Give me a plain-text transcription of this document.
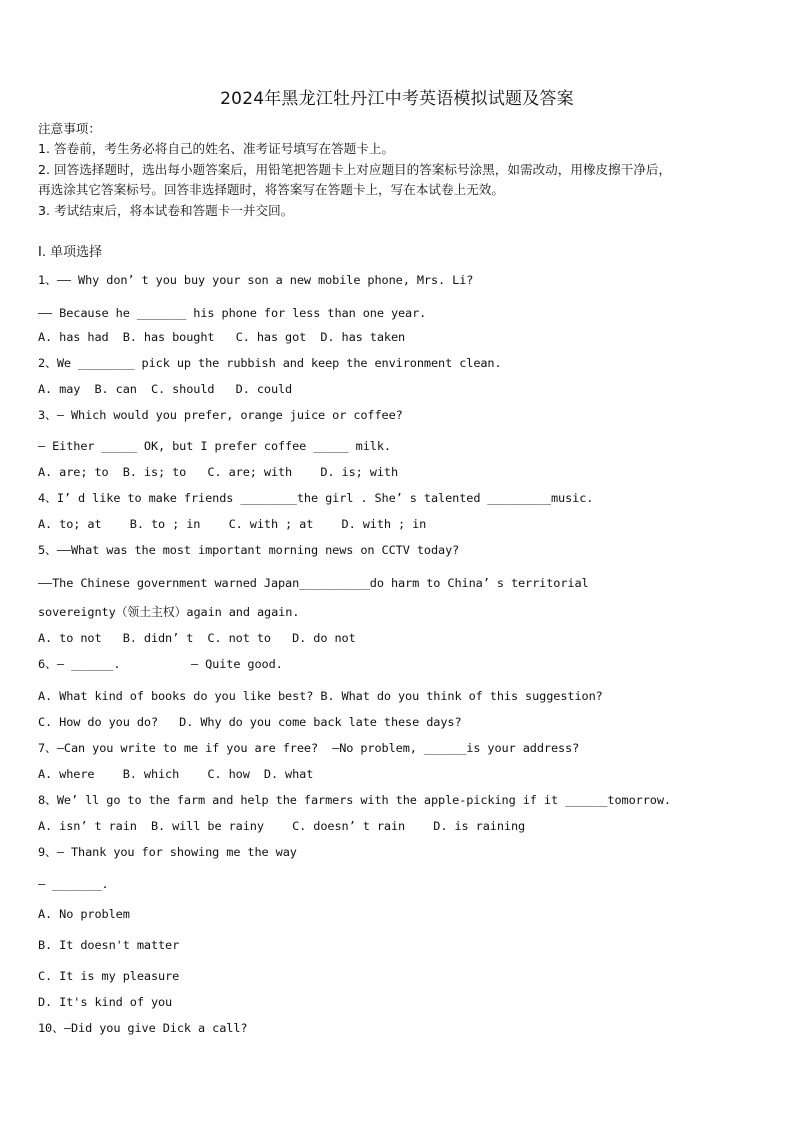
2024年黑龙江牡丹江中考英语模拟试题及答案
注意事项：
1. 答卷前，考生务必将自己的姓名、准考证号填写在答题卡上。
2. 回答选择题时，选出每小题答案后，用铅笔把答题卡上对应题目的答案标号涂黑，如需改动，用橡皮擦干净后，
再选涂其它答案标号。回答非选择题时，将答案写在答题卡上，写在本试卷上无效。
3. 考试结束后，将本试卷和答题卡一并交回。
Ⅰ. 单项选择
1、—— Why don’ t you buy your son a new mobile phone, Mrs. Li?
—— Because he _______ his phone for less than one year.
A. has had  B. has bought   C. has got  D. has taken
2、We ________ pick up the rubbish and keep the environment clean.
A. may  B. can  C. should   D. could
3、— Which would you prefer, orange juice or coffee?
— Either _____ OK, but I prefer coffee _____ milk.
A. are; to  B. is; to   C. are; with    D. is; with
4、I’ d like to make friends ________the girl . She’ s talented _________music.
A. to; at    B. to ; in    C. with ; at    D. with ; in
5、——What was the most important morning news on CCTV today?
——The Chinese government warned Japan__________do harm to China’ s territorial
sovereignty（领土主权）again and again.
A. to not   B. didn’ t  C. not to   D. do not
6、— ______.          — Quite good.
A. What kind of books do you like best? B. What do you think of this suggestion?
C. How do you do?   D. Why do you come back late these days?
7、—Can you write to me if you are free?  —No problem, ______is your address?
A. where    B. which    C. how  D. what
8、We’ ll go to the farm and help the farmers with the apple-picking if it ______tomorrow.
A. isn’ t rain  B. will be rainy    C. doesn’ t rain    D. is raining
9、— Thank you for showing me the way
— _______.
A. No problem
B. It doesn't matter
C. It is my pleasure
D. It's kind of you
10、—Did you give Dick a call?
